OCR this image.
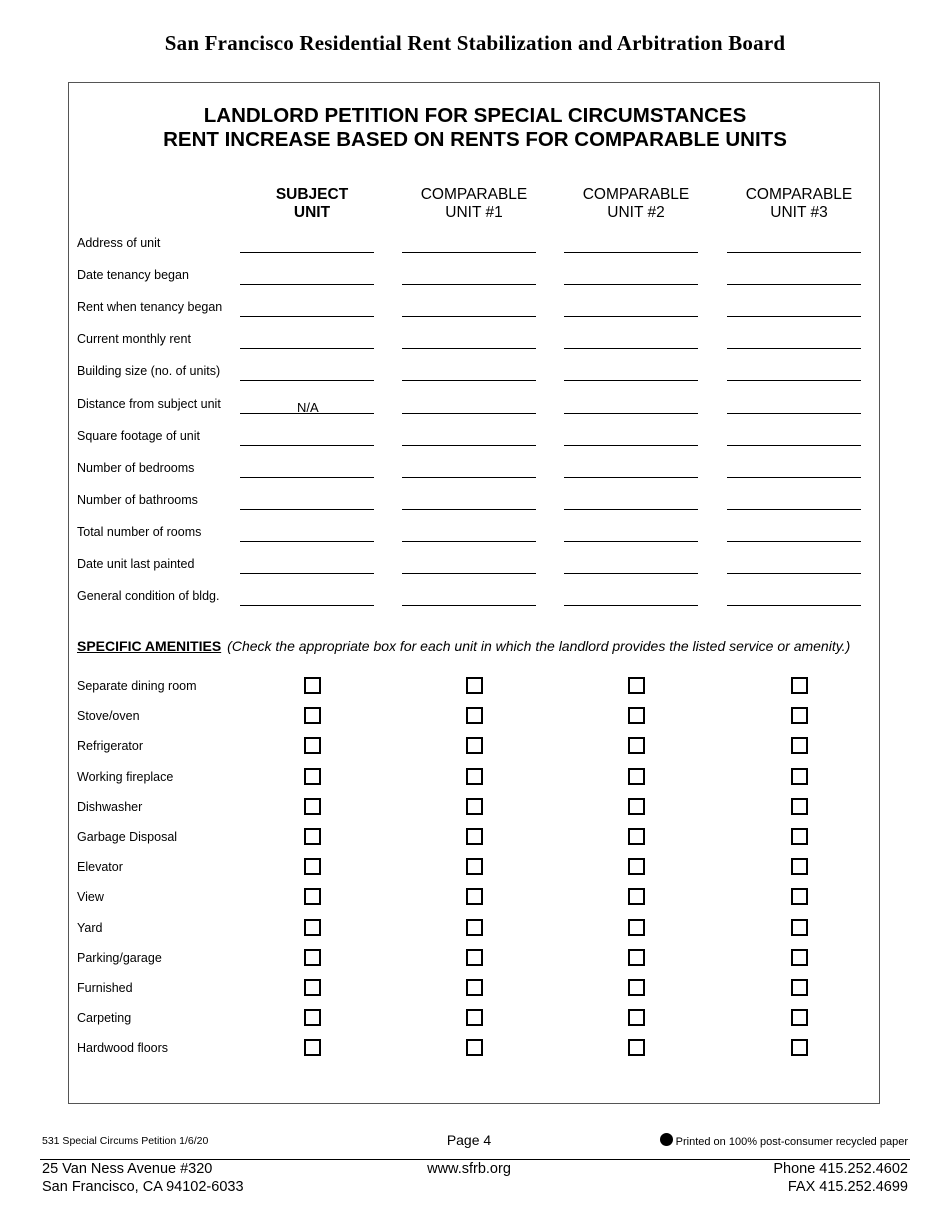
San Francisco Residential Rent Stabilization and Arbitration Board
LANDLORD PETITION FOR SPECIAL CIRCUMSTANCES
RENT INCREASE BASED ON RENTS FOR COMPARABLE UNITS
SUBJECT
UNIT
COMPARABLE
UNIT #1
COMPARABLE
UNIT #2
COMPARABLE
UNIT #3
Address of unit
Date tenancy began
Rent when tenancy began
Current monthly rent
Building size (no. of units)
Distance from subject unit	N/A
Square footage of unit
Number of bedrooms
Number of bathrooms
Total number of rooms
Date unit last painted
General condition of bldg.
SPECIFIC AMENITIES (Check the appropriate box for each unit in which the landlord provides the listed service or amenity.)
Separate dining room
Stove/oven
Refrigerator
Working fireplace
Dishwasher
Garbage Disposal
Elevator
View
Yard
Parking/garage
Furnished
Carpeting
Hardwood floors
531 Special Circums Petition 1/6/20	Page 4	Printed on 100% post-consumer recycled paper
25 Van Ness Avenue #320
San Francisco, CA 94102-6033
www.sfrb.org	Phone 415.252.4602
FAX 415.252.4699
